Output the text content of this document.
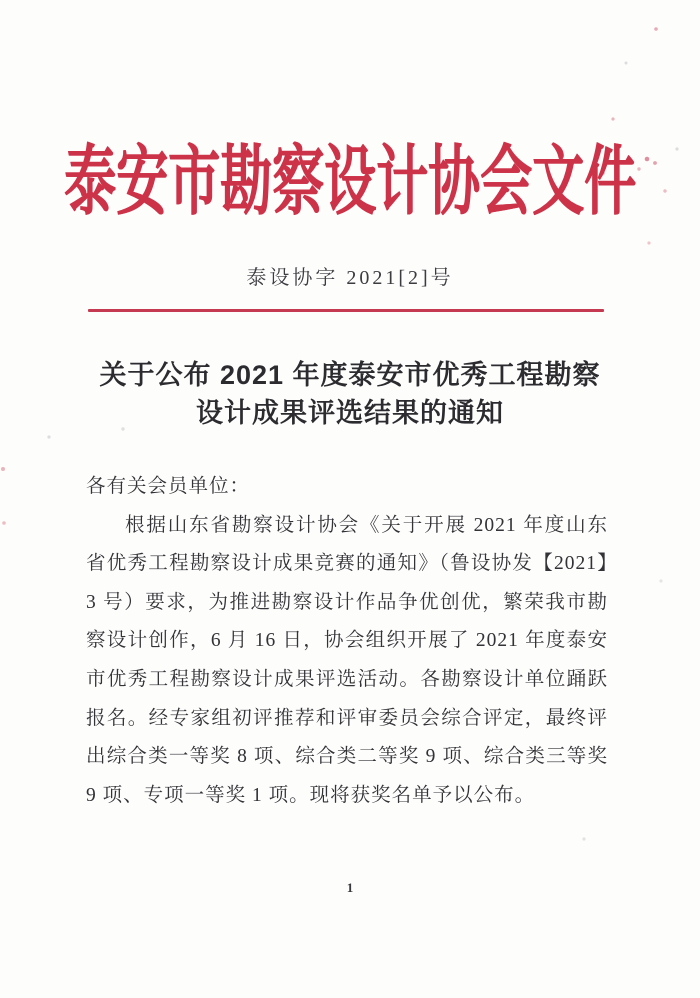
泰安市勘察设计协会文件
泰设协字 2021[2]号
关于公布 2021 年度泰安市优秀工程勘察
设计成果评选结果的通知

各有关会员单位：

根据山东省勘察设计协会《关于开展 2021 年度山东省优秀工程勘察设计成果竞赛的通知》（鲁设协发【2021】3 号）要求，为推进勘察设计作品争优创优，繁荣我市勘察设计创作，6 月 16 日，协会组织开展了 2021 年度泰安市优秀工程勘察设计成果评选活动。各勘察设计单位踊跃报名。经专家组初评推荐和评审委员会综合评定，最终评出综合类一等奖 8 项、综合类二等奖 9 项、综合类三等奖 9 项、专项一等奖 1 项。现将获奖名单予以公布。

1
